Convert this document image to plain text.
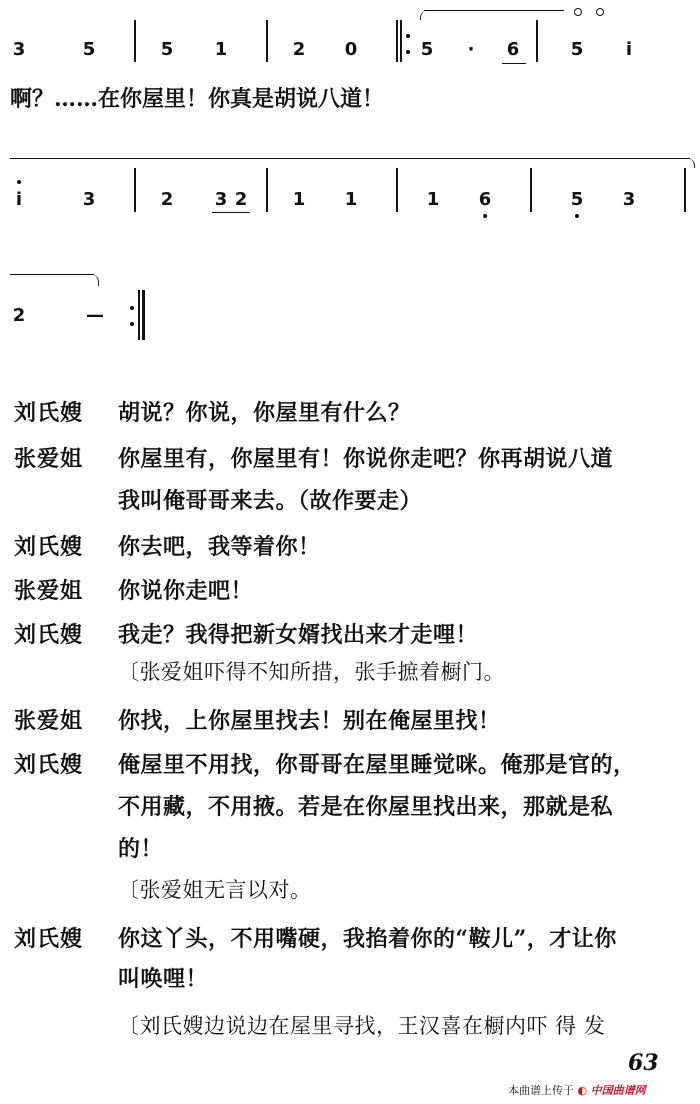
3	5	5 1	2 0	5	·	6	5	i
啊？……在你屋里！你真是胡说八道！
i	3	2 3 2	1 1	1 6	5 3
2	—
刘氏嫂 胡说？你说，你屋里有什么？
张爱姐 你屋里有，你屋里有！你说你走吧？你再胡说八道
我叫俺哥哥来去。（故作要走）
刘氏嫂 你去吧，我等着你！
张爱姐 你说你走吧！
刘氏嫂 我走？我得把新女婿找出来才走哩！
〔张爱姐吓得不知所措，张手摭着橱门。
张爱姐 你找，上你屋里找去！别在俺屋里找！
刘氏嫂 俺屋里不用找，你哥哥在屋里睡觉咪。俺那是官的，
不用藏，不用掖。若是在你屋里找出来，那就是私
的！
〔张爱姐无言以对。
刘氏嫂 你这丫头，不用嘴硬，我掐着你的“鞍儿”，才让你
叫唤哩！
〔刘氏嫂边说边在屋里寻找，王汉喜在橱内吓 得 发
63
本曲谱上传于 ◐ 中国曲谱网
